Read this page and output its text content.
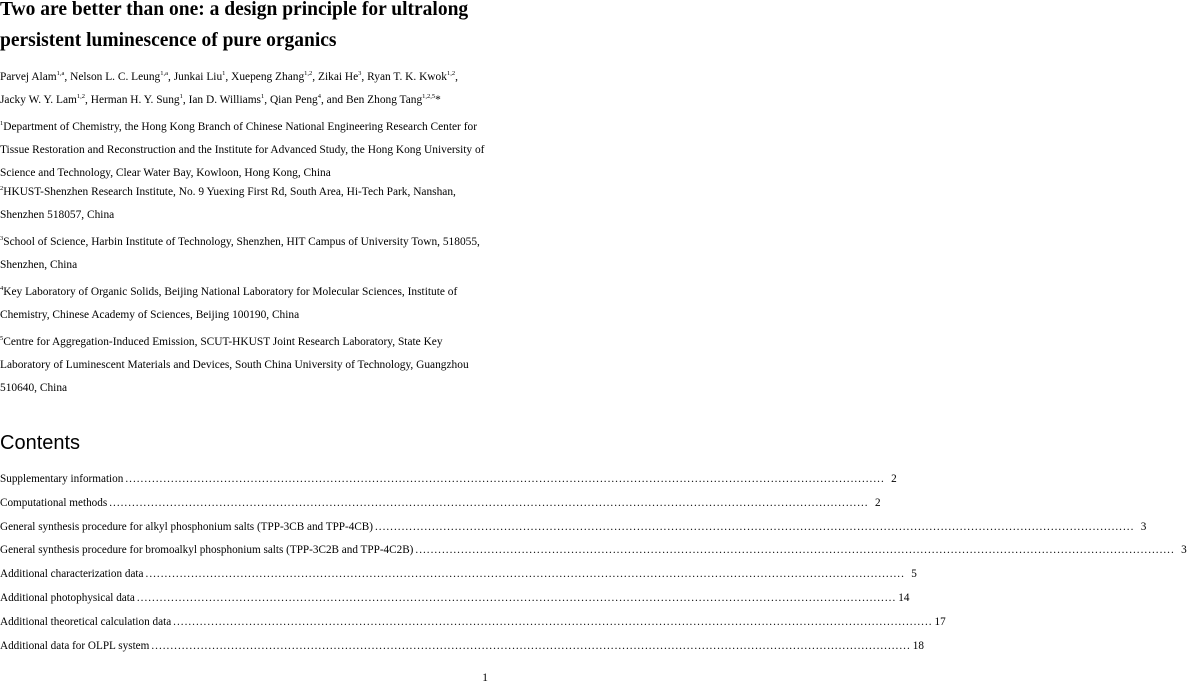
Two are better than one: a design principle for ultralong
persistent luminescence of pure organics

Parvej Alam$^{1,a}$, Nelson L. C. Leung$^{1,a}$, Junkai Liu$^1$, Xuepeng Zhang$^{1,2}$, Zikai He$^3$, Ryan T. K. Kwok$^{1,2}$, Jacky W. Y. Lam$^{1,2}$, Herman H. Y. Sung$^1$, Ian D. Williams$^1$, Qian Peng$^4$, and Ben Zhong Tang$^{1,2,5}$*

$^1$Department of Chemistry, the Hong Kong Branch of Chinese National Engineering Research Center for Tissue Restoration and Reconstruction and the Institute for Advanced Study, the Hong Kong University of Science and Technology, Clear Water Bay, Kowloon, Hong Kong, China

$^2$HKUST-Shenzhen Research Institute, No. 9 Yuexing First Rd, South Area, Hi-Tech Park, Nanshan, Shenzhen 518057, China

$^3$School of Science, Harbin Institute of Technology, Shenzhen, HIT Campus of University Town, 518055, Shenzhen, China

$^4$Key Laboratory of Organic Solids, Beijing National Laboratory for Molecular Sciences, Institute of Chemistry, Chinese Academy of Sciences, Beijing 100190, China

$^5$Centre for Aggregation-Induced Emission, SCUT-HKUST Joint Research Laboratory, State Key Laboratory of Luminescent Materials and Devices, South China University of Technology, Guangzhou 510640, China

Contents
Supplementary information .....	2
Computational methods .....	2
General synthesis procedure for alkyl phosphonium salts (TPP-3CB and TPP-4CB) .....	3
General synthesis procedure for bromoalkyl phosphonium salts (TPP-3C2B and TPP-4C2B) .....	3
Additional characterization data .....	5
Additional photophysical data .....	14
Additional theoretical calculation data .....	17
Additional data for OLPL system .....	18

1
